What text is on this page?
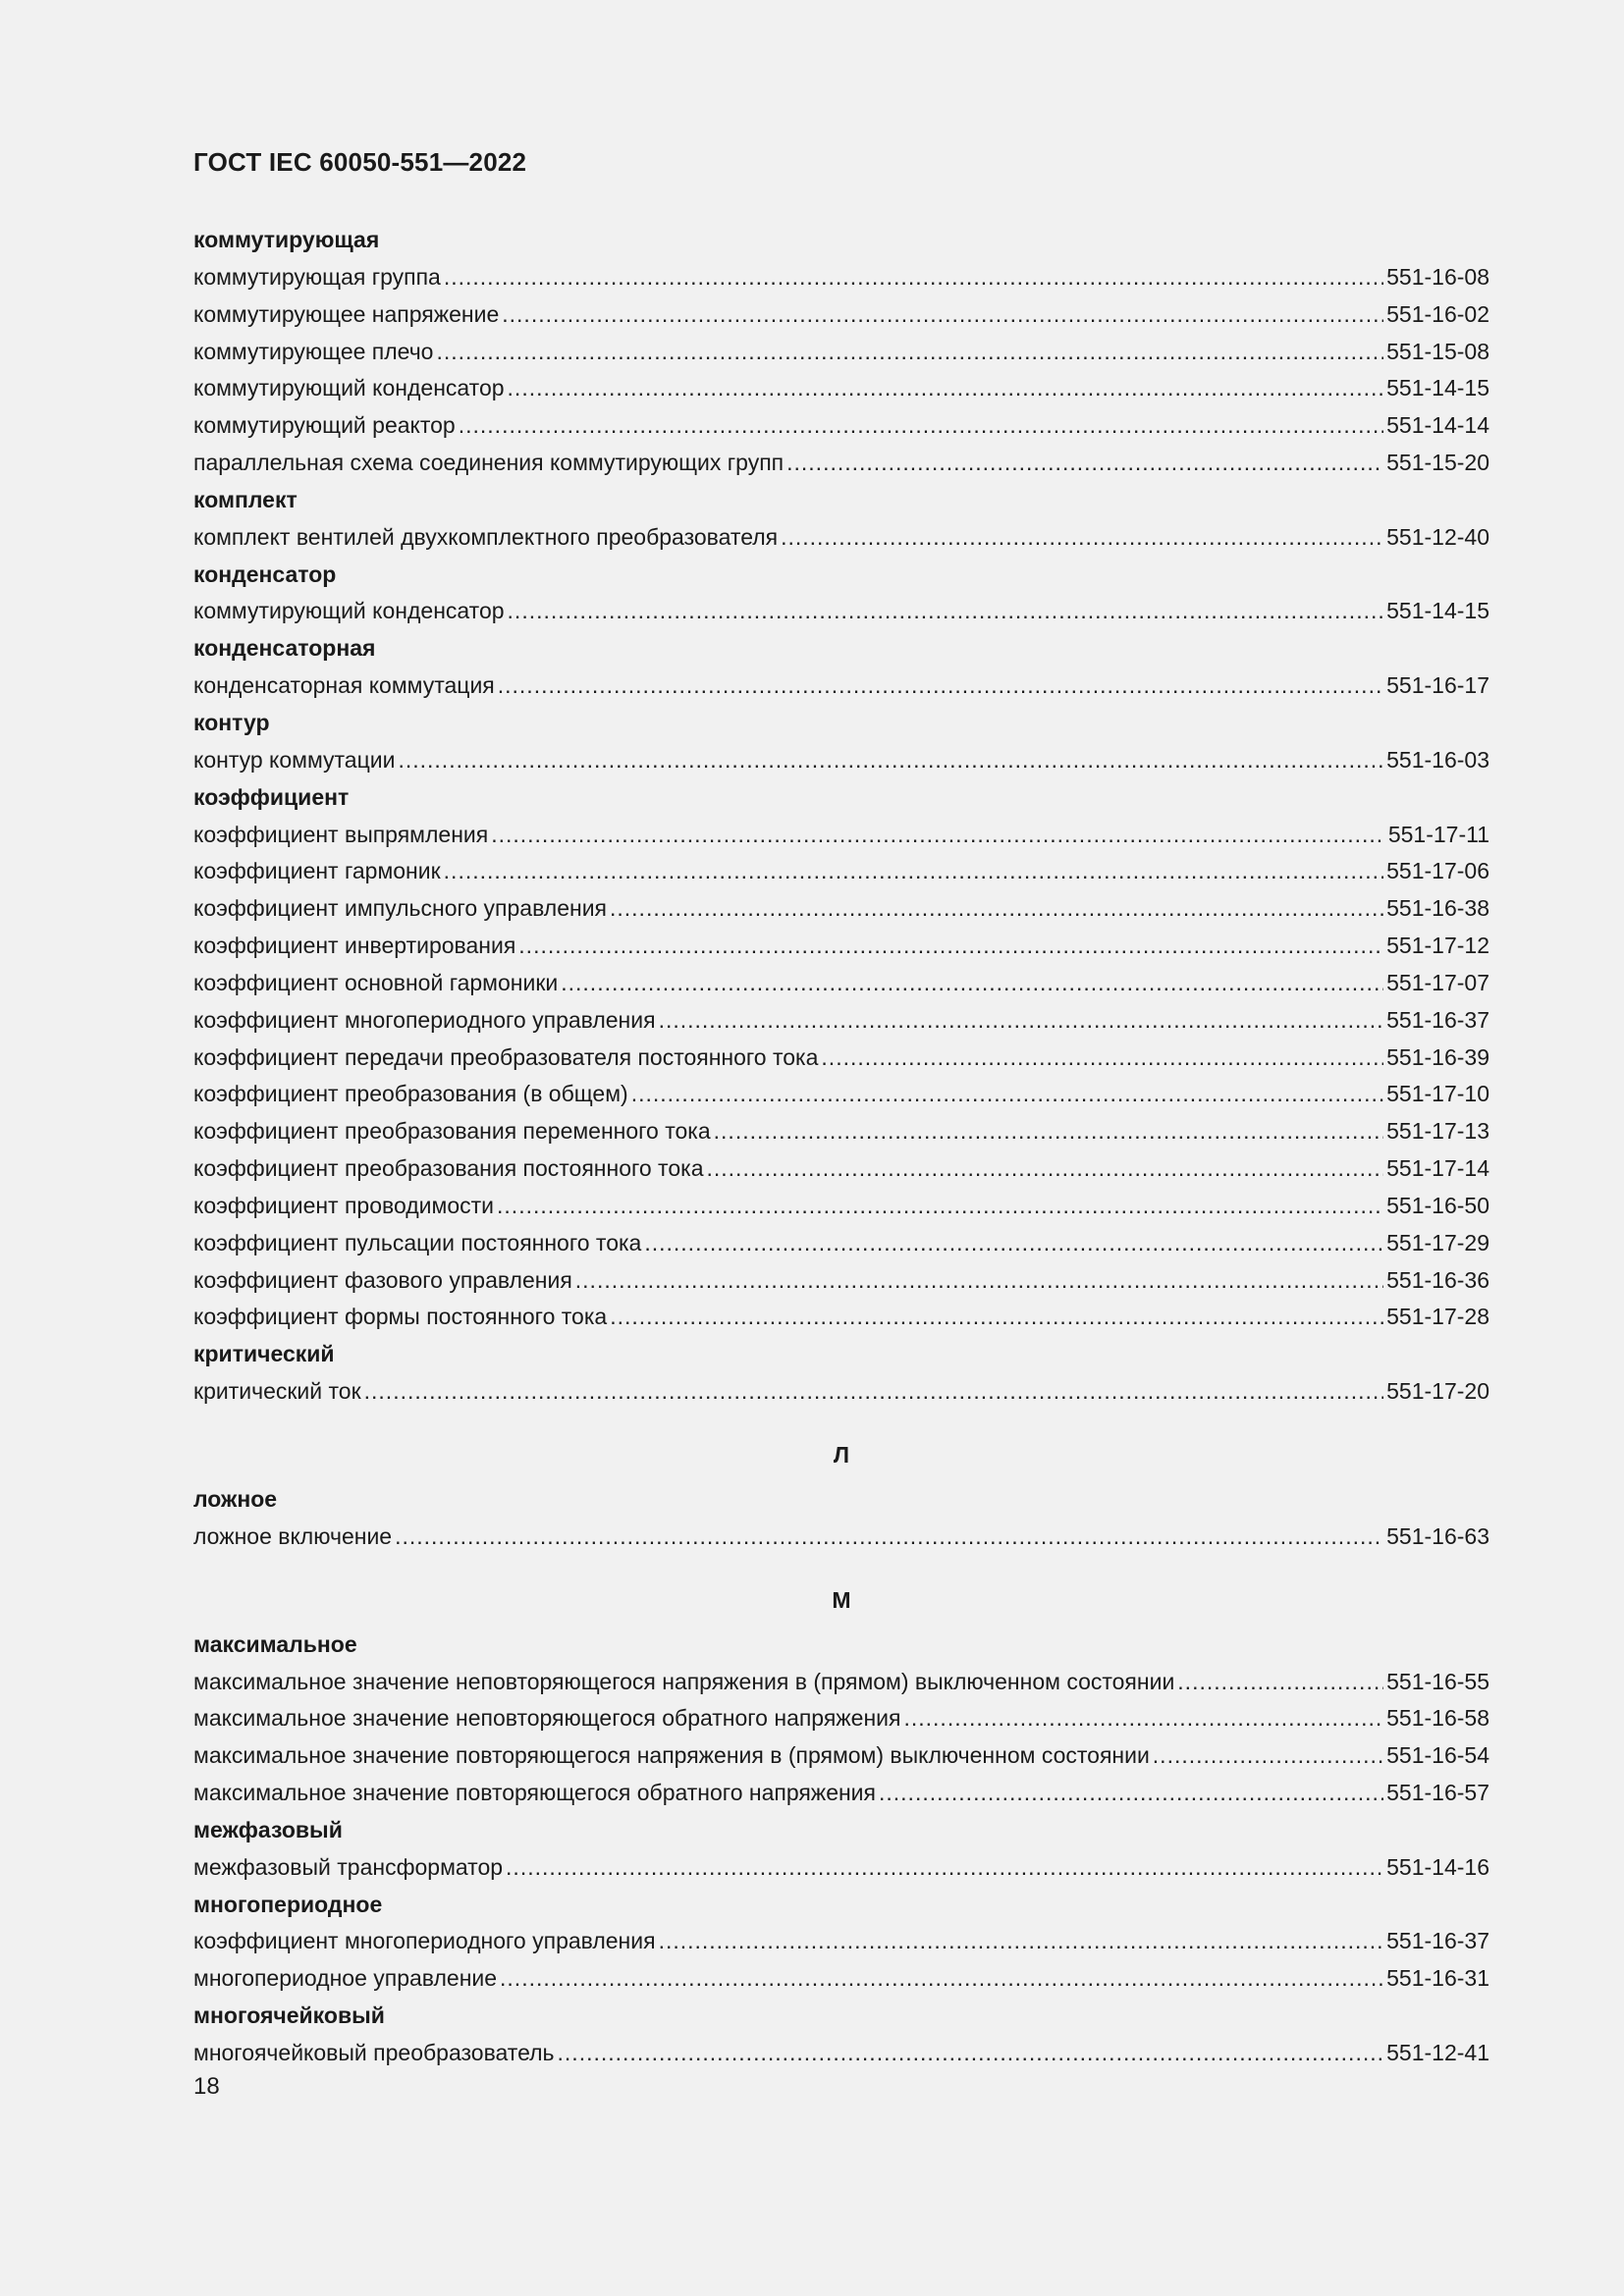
ГОСТ IEC 60050-551—2022
коммутирующая
коммутирующая группа .....	551-16-08
коммутирующее напряжение .....	551-16-02
коммутирующее плечо .....	551-15-08
коммутирующий конденсатор .....	551-14-15
коммутирующий реактор .....	551-14-14
параллельная схема соединения коммутирующих групп .....	551-15-20
комплект
комплект вентилей двухкомплектного преобразователя .....	551-12-40
конденсатор
коммутирующий конденсатор .....	551-14-15
конденсаторная
конденсаторная коммутация .....	551-16-17
контур
контур коммутации .....	551-16-03
коэффициент
коэффициент выпрямления .....	551-17-11
коэффициент гармоник .....	551-17-06
коэффициент импульсного управления .....	551-16-38
коэффициент инвертирования .....	551-17-12
коэффициент основной гармоники .....	551-17-07
коэффициент многопериодного управления .....	551-16-37
коэффициент передачи преобразователя постоянного тока .....	551-16-39
коэффициент преобразования (в общем) .....	551-17-10
коэффициент преобразования переменного тока .....	551-17-13
коэффициент преобразования постоянного тока .....	551-17-14
коэффициент проводимости .....	551-16-50
коэффициент пульсации постоянного тока .....	551-17-29
коэффициент фазового управления .....	551-16-36
коэффициент формы постоянного тока .....	551-17-28
критический
критический ток .....	551-17-20
Л
ложное
ложное включение .....	551-16-63
М
максимальное
максимальное значение неповторяющегося напряжения в (прямом) выключенном состоянии .....	551-16-55
максимальное значение неповторяющегося обратного напряжения .....	551-16-58
максимальное значение повторяющегося напряжения в (прямом) выключенном состоянии .....	551-16-54
максимальное значение повторяющегося обратного напряжения .....	551-16-57
межфазовый
межфазовый трансформатор .....	551-14-16
многопериодное
коэффициент многопериодного управления .....	551-16-37
многопериодное управление .....	551-16-31
многоячейковый
многоячейковый преобразователь .....	551-12-41
18
